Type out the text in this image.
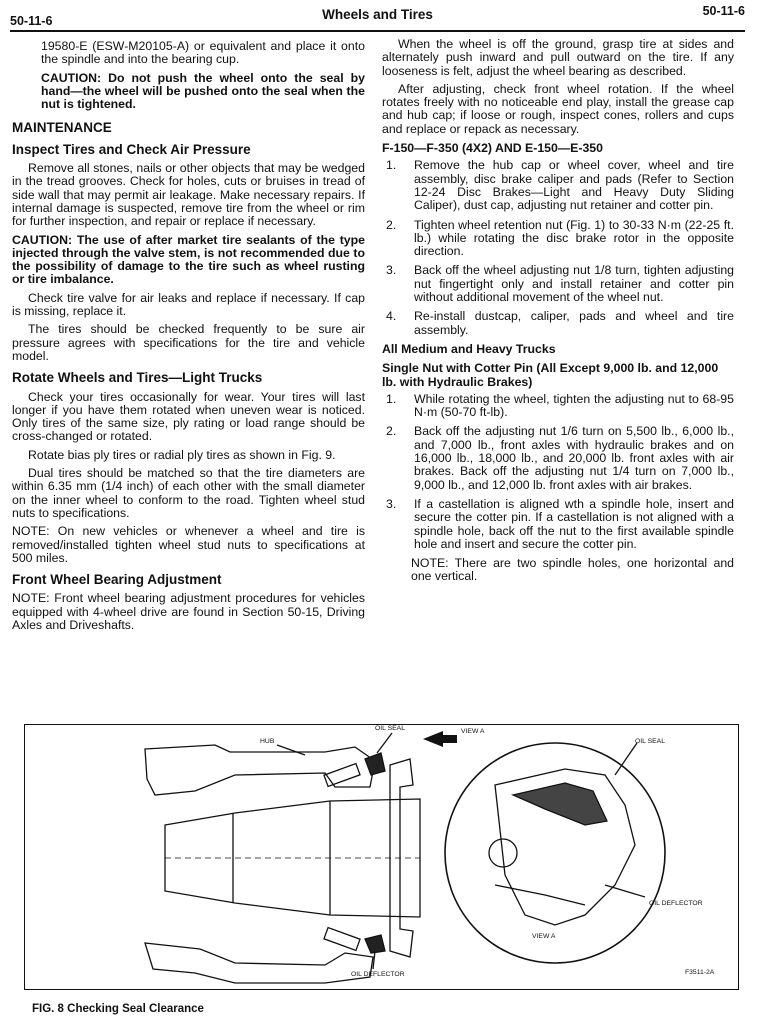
50-11-6	Wheels and Tires	50-11-6

19580-E (ESW-M20105-A) or equivalent and place it onto the spindle and into the bearing cup.

CAUTION: Do not push the wheel onto the seal by hand—the wheel will be pushed onto the seal when the nut is tightened.

MAINTENANCE
Inspect Tires and Check Air Pressure

Remove all stones, nails or other objects that may be wedged in the tread grooves. Check for holes, cuts or bruises in tread of side wall that may permit air leakage. Make necessary repairs. If internal damage is suspected, remove tire from the wheel or rim for further inspection, and repair or replace if necessary.

CAUTION: The use of after market tire sealants of the type injected through the valve stem, is not recommended due to the possibility of damage to the tire such as wheel rusting or tire imbalance.

Check tire valve for air leaks and replace if necessary. If cap is missing, replace it.

The tires should be checked frequently to be sure air pressure agrees with specifications for the tire and vehicle model.

Rotate Wheels and Tires—Light Trucks

Check your tires occasionally for wear. Your tires will last longer if you have them rotated when uneven wear is noticed. Only tires of the same size, ply rating or load range should be cross-changed or rotated.

Rotate bias ply tires or radial ply tires as shown in Fig. 9.

Dual tires should be matched so that the tire diameters are within 6.35 mm (1/4 inch) of each other with the small diameter on the inner wheel to conform to the road. Tighten wheel stud nuts to specifications.

NOTE: On new vehicles or whenever a wheel and tire is removed/installed tighten wheel stud nuts to specifications at 500 miles.

Front Wheel Bearing Adjustment

NOTE: Front wheel bearing adjustment procedures for vehicles equipped with 4-wheel drive are found in Section 50-15, Driving Axles and Driveshafts.

When the wheel is off the ground, grasp tire at sides and alternately push inward and pull outward on the tire. If any looseness is felt, adjust the wheel bearing as described.

After adjusting, check front wheel rotation. If the wheel rotates freely with no noticeable end play, install the grease cap and hub cap; if loose or rough, inspect cones, rollers and cups and replace or repack as necessary.

F-150—F-350 (4X2) AND E-150—E-350
1. Remove the hub cap or wheel cover, wheel and tire assembly, disc brake caliper and pads (Refer to Section 12-24 Disc Brakes—Light and Heavy Duty Sliding Caliper), dust cap, adjusting nut retainer and cotter pin.
2. Tighten wheel retention nut (Fig. 1) to 30-33 N·m (22-25 ft. lb.) while rotating the disc brake rotor in the opposite direction.
3. Back off the wheel adjusting nut 1/8 turn, tighten adjusting nut fingertight only and install retainer and cotter pin without additional movement of the wheel nut.
4. Re-install dustcap, caliper, pads and wheel and tire assembly.
All Medium and Heavy Trucks
Single Nut with Cotter Pin (All Except 9,000 lb. and 12,000 lb. with Hydraulic Brakes)
1. While rotating the wheel, tighten the adjusting nut to 68-95 N·m (50-70 ft-lb).
2. Back off the adjusting nut 1/6 turn on 5,500 lb., 6,000 lb., and 7,000 lb., front axles with hydraulic brakes and on 16,000 lb., 18,000 lb., and 20,000 lb. front axles with air brakes. Back off the adjusting nut 1/4 turn on 7,000 lb., 9,000 lb., and 12,000 lb. front axles with air brakes.
3. If a castellation is aligned wth a spindle hole, insert and secure the cotter pin. If a castellation is not aligned with a spindle hole, back off the nut to the first available spindle hole and insert and secure the cotter pin.

NOTE: There are two spindle holes, one horizontal and one vertical.

HUB
OIL SEAL	VIEW A
OIL SEAL
OIL DEFLECTOR
VIEW A
OIL DEFLECTOR	F3511-2A
FIG. 8 Checking Seal Clearance
